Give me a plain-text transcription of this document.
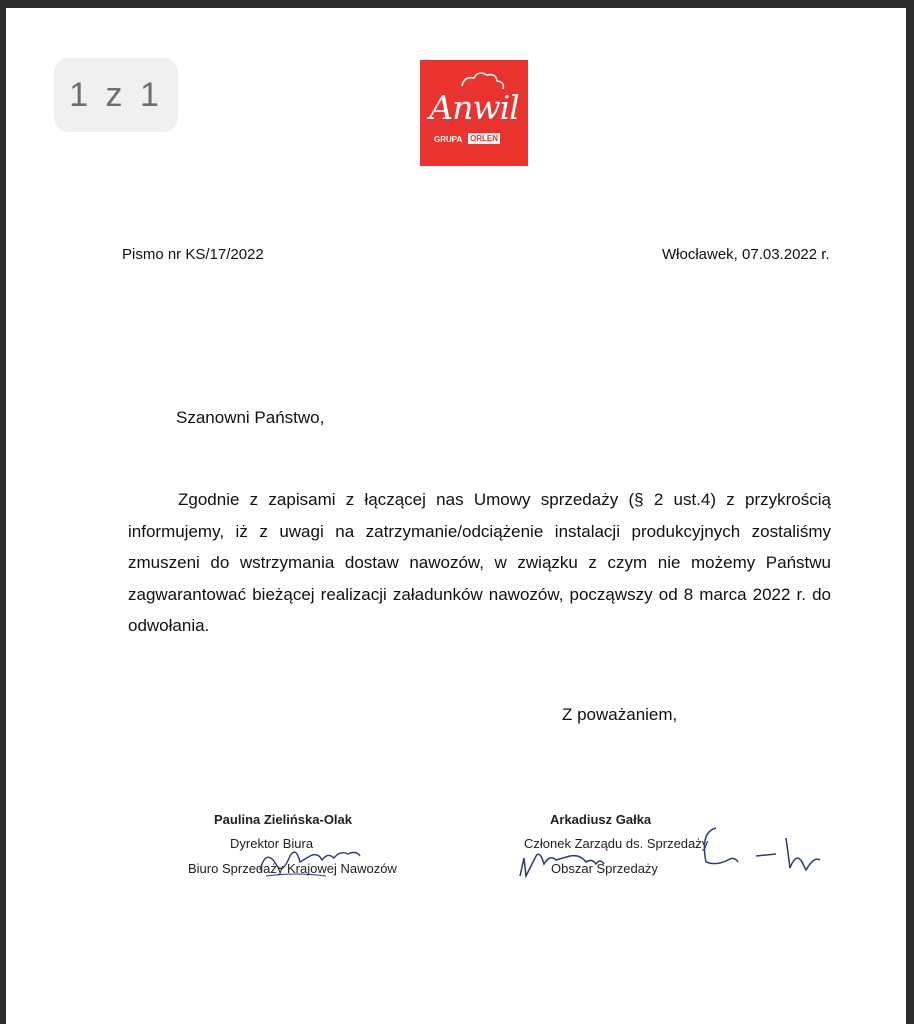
1 z 1	Anwil
GRUPA ORLEN
Pismo nr KS/17/2022	Włocławek, 07.03.2022 r.
Szanowni Państwo,
Zgodnie z zapisami z łączącej nas Umowy sprzedaży (§ 2 ust.4) z przykrością informujemy, iż z uwagi na zatrzymanie/odciążenie instalacji produkcyjnych zostaliśmy zmuszeni do wstrzymania dostaw nawozów, w związku z czym nie możemy Państwu zagwarantować bieżącej realizacji załadunków nawozów, począwszy od 8 marca 2022 r. do odwołania.
Z poważaniem,
Paulina Zielińska-Olak
Dyrektor Biura
Biuro Sprzedaży Krajowej Nawozów
Arkadiusz Gałka
Członek Zarządu ds. Sprzedaży
Obszar Sprzedaży
